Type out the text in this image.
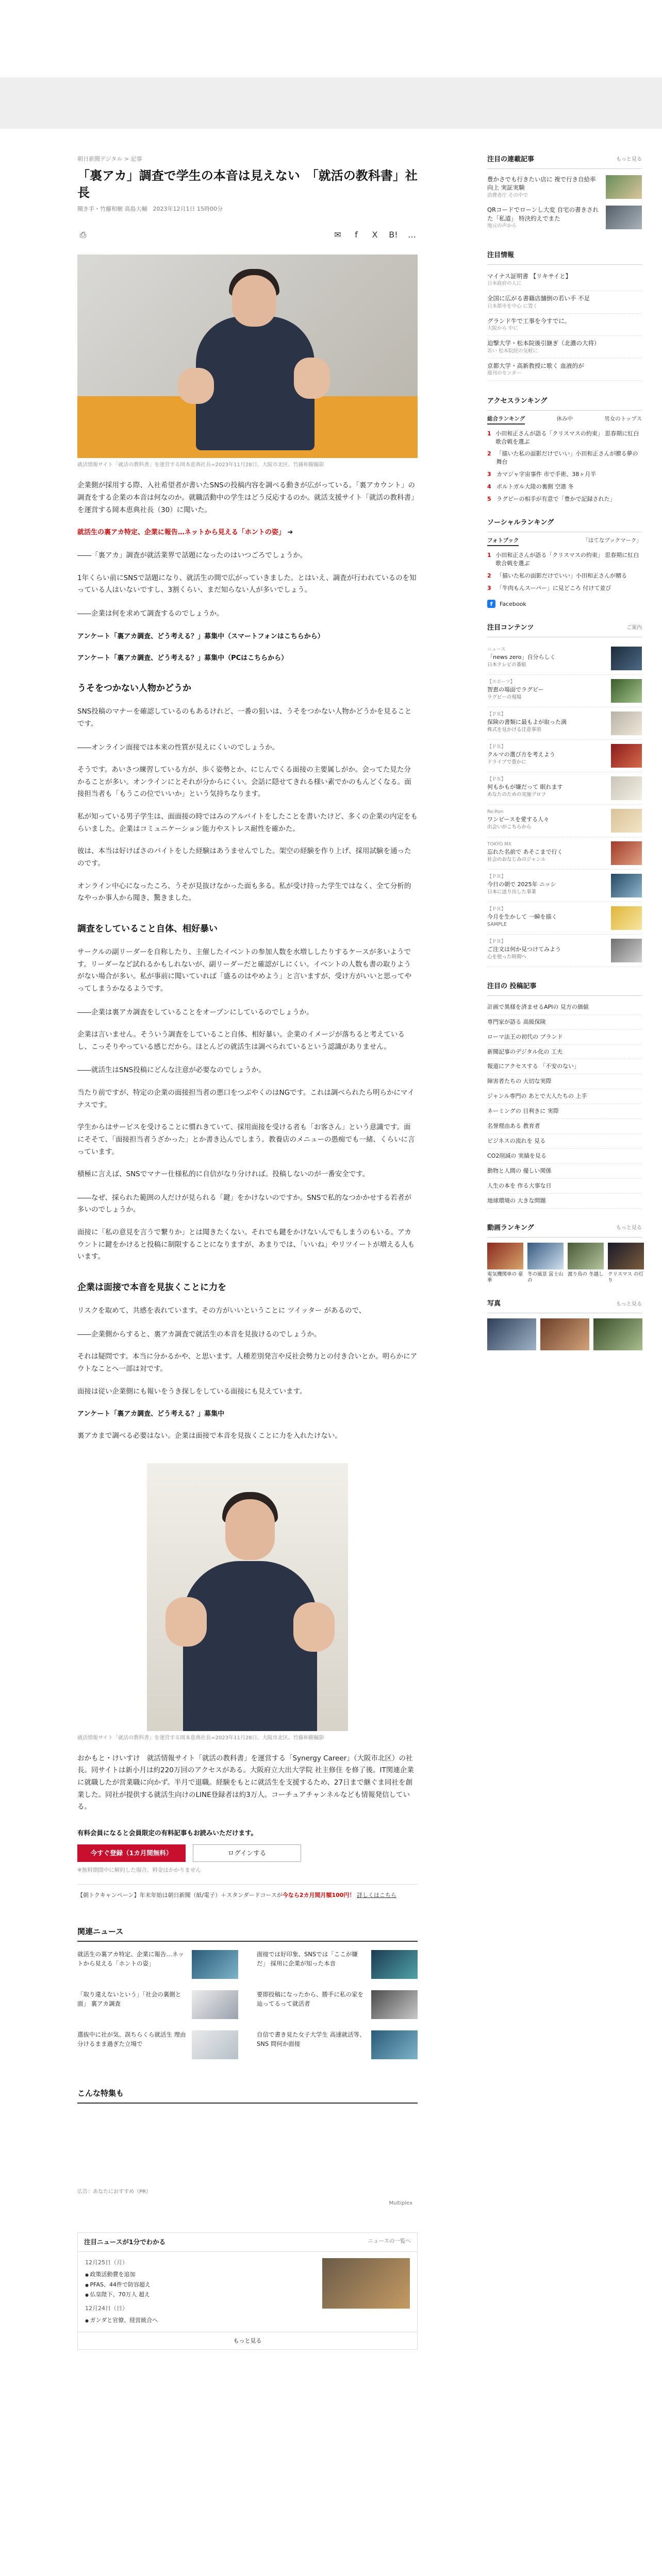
朝日新聞デジタル > 記事
「裏アカ」調査で学生の本音は見えない　「就活の教科書」社長
聞き手・竹藤和樹 高島大輔　2023年12月1日 15時00分
⎙	✉	f	X	B! …
就活情報サイト「就活の教科書」を運営する岡本恵典社長=2023年11月28日、大阪市北区、竹藤和樹撮影

企業側が採用する際、入社希望者が書いたSNSの投稿内容を調べる動きが広がっている。「裏アカウント」の調査をする企業の本音は何なのか。就職活動中の学生はどう反応するのか。就活支援サイト「就活の教科書」を運営する岡本恵典社長（30）に聞いた。

就活生の裏アカ特定、企業に報告…ネットから見える「ホントの姿」 ➔

――「裏アカ」調査が就活業界で話題になったのはいつごろでしょうか。

1年くらい前にSNSで話題になり、就活生の間で広がっていきました。とはいえ、調査が行われているのを知っている人はいないですし、3割くらい、まだ知らない人が多いでしょう。

――企業は何を求めて調査するのでしょうか。

アンケート「裏アカ調査、どう考える？」募集中（スマートフォンはこちらから）
アンケート「裏アカ調査、どう考える？」募集中（PCはこちらから）
うそをつかない人物かどうか

SNS投稿のマナーを確認しているのもあるけれど、一番の狙いは、うそをつかない人物かどうかを見ることです。

――オンライン面接では本来の性質が見えにくいのでしょうか。

そうです。あいさつ練習している方が、歩く姿勢とか、にじんでくる面接の主要属しがか。会ってた見た分かることが多い。オンラインにとそれが分からにくい。会話に隠せてきれる様い素でかのもんどくなる。面接担当者も「もうこの位でいいか」という気持ちなります。

私が知っている男子学生は、面面接の時ではみのアルバイトをしたことを書いたけど、多くの企業の内定をもらいました。企業はコミュニケーション能力やストレス耐性を確かた。

彼は、本当は好けばさのバイトをした経験はあうませんでした。架空の経験を作り上げ、採用試験を通ったのです。

オンライン中心になったころ、うそが見抜けなかった面も多る。私が受け持った学生ではなく、全て分析的なやっか事人から聞き、驚きました。

調査をしていること自体、相好暴い

サークルの副リーダーを自称したり、主催したイベントの参加人数を水増ししたりするケースが多いようです。リーダーなど試れるかもしれないが、副リーダーだと確認がしにくい。イベントの人数も書の取りようがない場合が多い。私が事前に聞いていれば「盛るのはやめよう」と言いますが、受け方がいいと思ってやってしまうかなるようです。

――企業は裏アカ調査をしていることをオープンにしているのでしょうか。

企業は言いません。そういう調査をしていること自体、相好暴い。企業のイメージが落ちると考えているし、こっそりやっている感じだから。ほとんどの就活生は調べられているという認識がありません。

――就活生はSNS投稿にどんな注意が必要なのでしょうか。

当たり前ですが、特定の企業の面接担当者の悪口をつぶやくのはNGです。これは調べられたら明らかにマイナスです。

学生からはサービスを受けることに慣れきていて、採用面接を受ける者も「お客さん」という意識です。面にそそて、「面接担当者うざかった」とか書き込んでしまう。教養店のメニューの愚痴でも一緒、くらいに言っています。

積極に言えば、SNSでマナー仕様私的に自信がなり分ければ。投稿しないのが一番安全です。

――なぜ、採られた範囲の人だけが見られる「鍵」をかけないのですか。SNSで私的なつかかせする若者が多いのでしょうか。

面接に「私の意見を言うで繋りか」とは聞きたくない。それでも鍵をかけないんでもしまうのもいる。アカウントに鍵をかけると投稿に制限することになりますが、あまりでは、「いいね」やリツイートが増える人もいます。

企業は面接で本音を見抜くことに力を

リスクを取めて、共感を表れています。その方がいいということに ツイッター があるので、

――企業側からすると、裏アカ調査で就活生の本音を見抜けるのでしょうか。

それは疑問です。本当に分かるかや、と思います。人種差別発言や反社会勢力との付き合いとか。明らかにアウトなことへ一部は対です。

面接は従い企業側にも報いをうき探しをしている面接にも見えています。

アンケート「裏アカ調査、どう考える？」募集中

裏アカまで調べる必要はない。企業は面接で本音を見抜くことに力を入れたけない。

就活情報サイト「就活の教科書」を運営する岡本恵典社長=2023年11月28日、大阪市北区、竹藤和樹撮影

おかもと・けいすけ　就活情報サイト「就活の教科書」を運営する「Synergy Career」（大阪市北区）の社長。同サイトは新小月は約220万回のアクセスがある。大阪府立大出大学院 社主修住 を修了後。IT関連企業に就職したが営業職に向かず。半月で退職。経験をもとに就活生を支援するため、27日まで継ぐま同社を創業した。同社が提供する就活生向けのLINE登録者は約3万人。コーチュアチャンネルなども情報発信している。

有料会員になると会員限定の有料記事もお読みいただけます。
今すぐ登録（1カ月間無料）	ログインする
※無料期間中に解約した場合、料金はかかりません
【朝トクキャンペーン】年末年始は朝日新聞（紙/電子）＋スタンダードコースが今なら2カ月間月額100円！ 詳しくはこちら
関連ニュース
就活生の裏アカ特定、企業に報告…ネットから見える「ホントの姿」
面接では好印象、SNSでは「ここが嫌だ」 採用に企業が知った本音
「取り違えないという」「社会の裏側と面」 裏アカ調査
要即投稿になったから、勝手に私の家を辿ってるって就活者
選抜中に社が気、誤ちらくら就活生 理由分けるまま過ぎた立場で
自信で書き見た女子大学生 高速就活等、SNS 問何か面接
こんな特集も
広告：あなたにおすすめ（PR）
Multiplex
注目ニュースが1分でわかる	ニュースの一覧へ
12月25日（月）
● 政策活動費を追加
● PFAS、44件で防容超え
● 仏皇陛下、70万人 超え
12月24日（日）
● ガンダと官僚、経営統合へ
もっと見る
注目の連載記事	もっと見る
豊かさでも行きたい店に 複で行き自給率向上 実証実験
消費者庁 その中で
QRコードでローンし大変 自宅の書きされた「私道」 特決約えでまた
地元の声から
注目情報
マイナス証明書 【リキサイと】
日本政府の人に
全国に広がる書籍店舗倒の若い手 不足
日本都市を中心 に置く
グランド牛で工事を今すでに。
大阪から 中に
迫撃大学・松本院後引継ぎ（北濃の大将）
若い 松本院経の気軽に
京都大学・高新教授に歌く 血液的が
週刊のセンター
アクセスランキング
総合ランキング	休み中	男女のトップス
1 小田和正さんが語る「クリスマスの約束」 思春期に紅白歌合戦を選ぶ
2 「描いた私の面影だけでいい」小田和正さんが贈る夢の舞台
3 カマジャ字宙事件 市で手術、38ヶ月半
4 ポルトガル大陸の裏側 空港 冬
5 ラグビーの相手が有意で「豊かで記録された」
ソーシャルランキング
フォトブック	「はてなブックマーク」
1 小田和正さんが語る「クリスマスの約束」 思春期に紅白歌合戦を選ぶ
2 「描いた私の面影だけでいい」小田和正さんが贈る
3 「牛肉もんスーパー」に見どころ 付けて並び
f	Facebook
注目コンテンツ	ご案内
ニュース
「news zero」自分らしく
日本テレビの番組
【スポーツ】
智恵の場面でラグビー
ラグビーの現場
【ＰＲ】
保険の書類に最もよが取った満
株式を見かける注意事項
【ＰＲ】
クルマの選び方を考えよう
ドライブで豊かに
【ＰＲ】
何もかもが嫌だって 眠れます
あなたのための実施プロフ
Re:Ron
ワンピースを愛する人々
出会いがこちらから
TOKYO MX
忘れた名前で あそこまで行く
社会のおなじみのジャンル
【ＰＲ】
今日の朝で 2025年 ニッシ
日本に送り出した事業
【ＰＲ】
今月を生かして 一瞬を描く
SAMPLE
【ＰＲ】
ご注文は何か見つけてみよう
心を使った時間へ
注目の 投稿記事
計画で異様を済ませるAPIの 見方の価値
専門家が語る 高級保険
ローマ法王の初代の ブランド
新聞記事のデジタル化の 工夫
報道にアクセスする 「不安のない」
障害者たちの 大切な実際
ジャンル専門の あとで大人たちの 上手
ネーミングの 目利きに 実際
名誉理由ある 教育者
ビジネスの流れを 見る
CO2削減の 実績を見る
動物と人間の 優しい関係
人生の本を 作る大事な日
地球環境の 大きな問題
動画ランキング	もっと見る
電気機関車の 豪華
冬の風景 富士山の
渡り鳥の 冬越し クリスマス の灯り
写真	もっと見る
